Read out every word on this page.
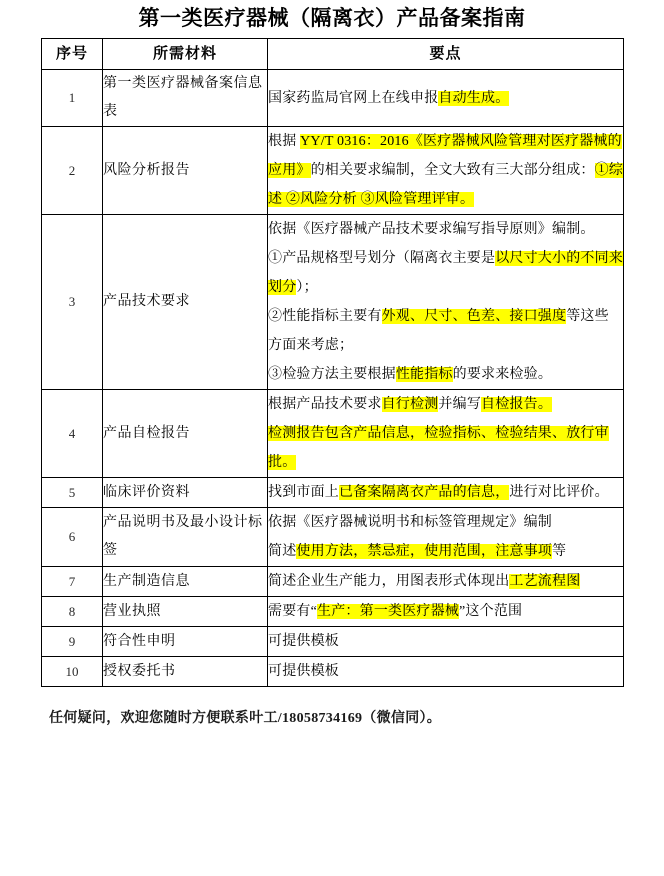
第一类医疗器械（隔离衣）产品备案指南
序号	所需材料	要点
1	第一类医疗器械备案信息表	国家药监局官网上在线申报自动生成。

2	风险分析报告	根据 YY/T 0316：2016《医疗器械风险管理对医疗器械的应用》的相关要求编制，全文大致有三大部分组成：①综述 ②风险分析 ③风险管理评审。

3	产品技术要求	依据《医疗器械产品技术要求编写指导原则》编制。

①产品规格型号划分（隔离衣主要是以尺寸大小的不同来划分）；

②性能指标主要有外观、尺寸、色差、接口强度等这些方面来考虑；

③检验方法主要根据性能指标的要求来检验。

4	产品自检报告	根据产品技术要求自行检测并编写自检报告。

检测报告包含产品信息，检验指标、检验结果、放行审批。

5	临床评价资料	找到市面上已备案隔离衣产品的信息，进行对比评价。

6	产品说明书及最小设计标签	依据《医疗器械说明书和标签管理规定》编制

简述使用方法，禁忌症，使用范围，注意事项等

7	生产制造信息	简述企业生产能力，用图表形式体现出工艺流程图

8	营业执照	需要有“生产：第一类医疗器械”这个范围

9	符合性申明	可提供模板

10	授权委托书	可提供模板

任何疑问，欢迎您随时方便联系叶工/18058734169（微信同）。
